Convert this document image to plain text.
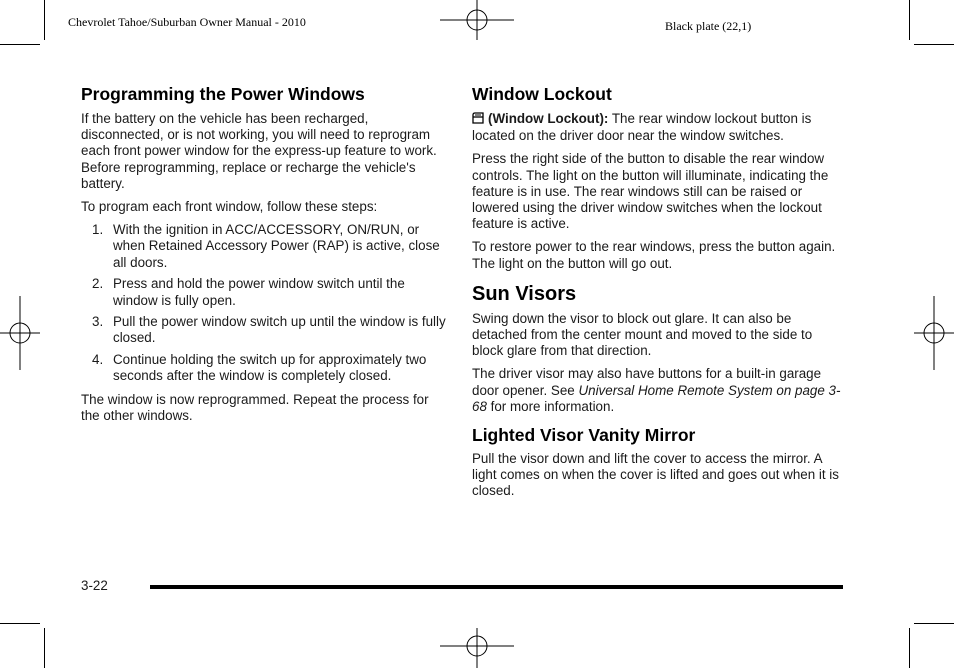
Chevrolet Tahoe/Suburban Owner Manual - 2010	Black plate (22,1)
Programming the Power Windows

If the battery on the vehicle has been recharged, disconnected, or is not working, you will need to reprogram each front power window for the express-up feature to work. Before reprogramming, replace or recharge the vehicle's battery.

To program each front window, follow these steps:

1. With the ignition in ACC/ACCESSORY, ON/RUN, or when Retained Accessory Power (RAP) is active, close all doors.
2. Press and hold the power window switch until the window is fully open.
3. Pull the power window switch up until the window is fully closed.
4. Continue holding the switch up for approximately two seconds after the window is completely closed.

The window is now reprogrammed. Repeat the process for the other windows.

Window Lockout

(Window Lockout): The rear window lockout button is located on the driver door near the window switches.

Press the right side of the button to disable the rear window controls. The light on the button will illuminate, indicating the feature is in use. The rear windows still can be raised or lowered using the driver window switches when the lockout feature is active.

To restore power to the rear windows, press the button again. The light on the button will go out.

Sun Visors

Swing down the visor to block out glare. It can also be detached from the center mount and moved to the side to block glare from that direction.

The driver visor may also have buttons for a built-in garage door opener. See Universal Home Remote System on page 3-68 for more information.

Lighted Visor Vanity Mirror

Pull the visor down and lift the cover to access the mirror. A light comes on when the cover is lifted and goes out when it is closed.

3-22
